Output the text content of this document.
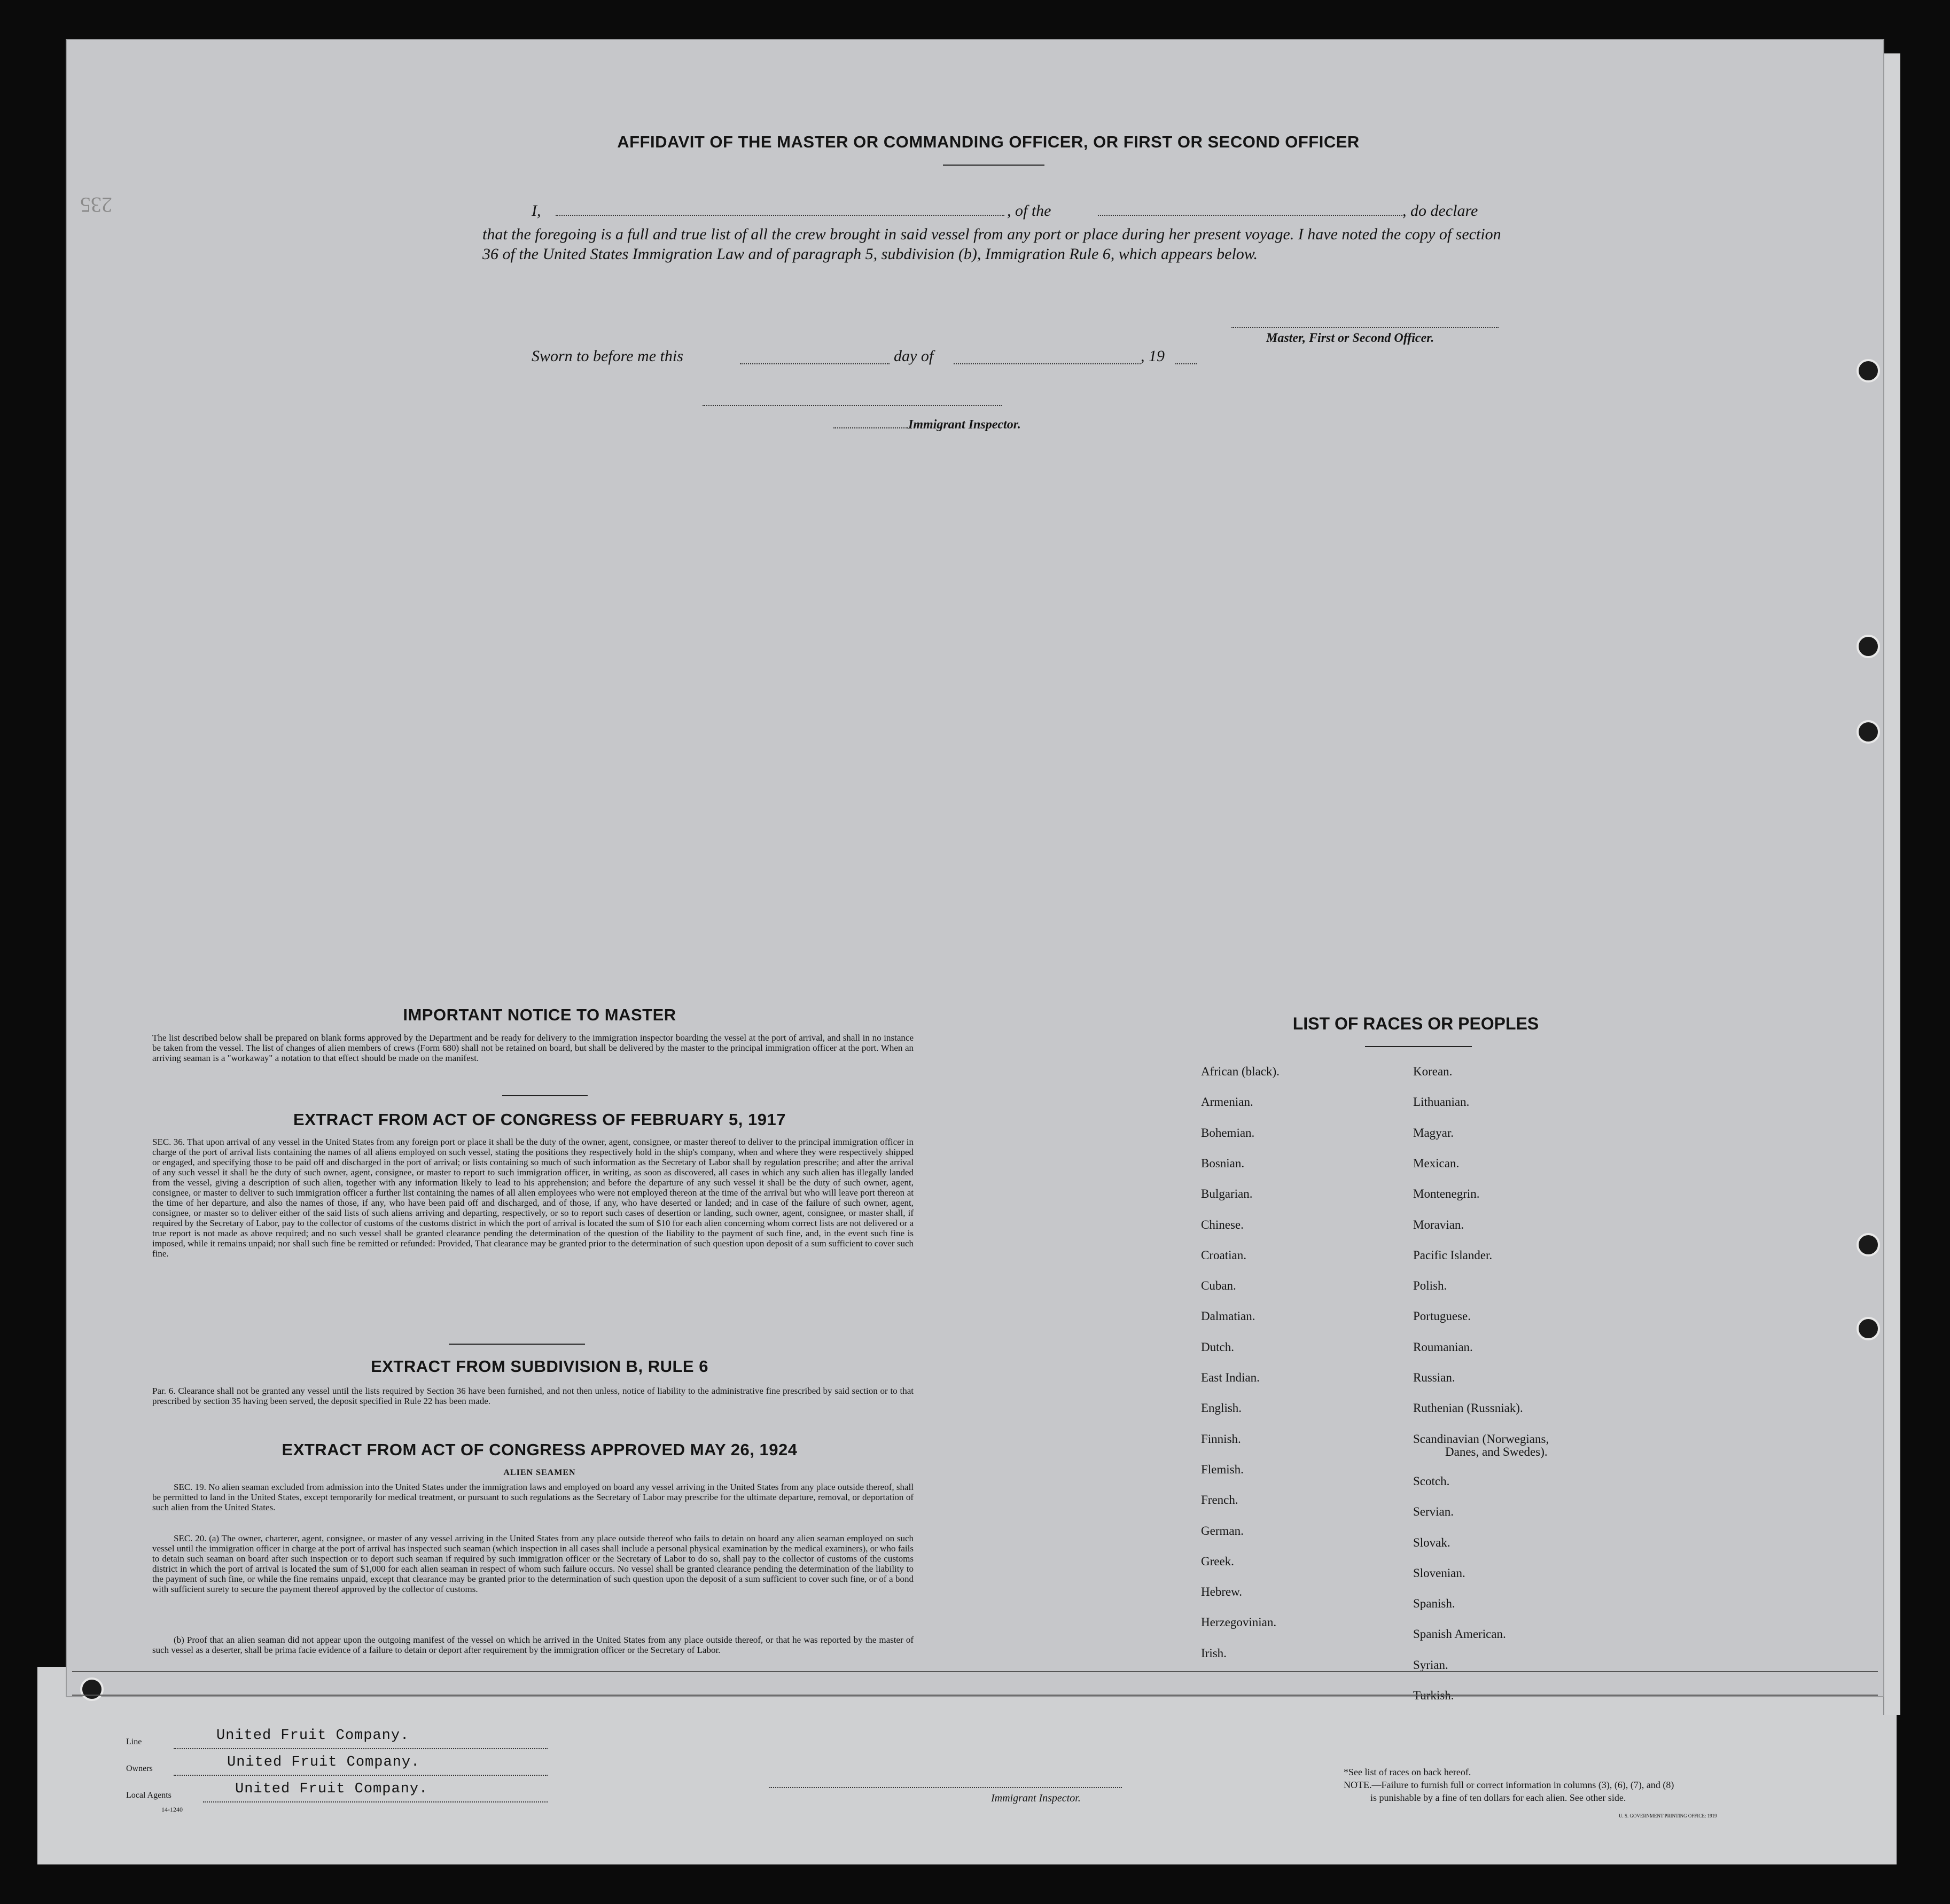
235
AFFIDAVIT OF THE MASTER OR COMMANDING OFFICER, OR FIRST OR SECOND OFFICER
I,	, of the	, do declare
that the foregoing is a full and true list of all the crew brought in said vessel from any port or place during her present voyage. I have noted the copy of section 36 of the United States Immigration Law and of paragraph 5, subdivision (b), Immigration Rule 6, which appears below.
Master, First or Second Officer.
Sworn to before me this	day of	, 19
Immigrant Inspector.
IMPORTANT NOTICE TO MASTER
The list described below shall be prepared on blank forms approved by the Department and be ready for delivery to the immigration inspector boarding the vessel at the port of arrival, and shall in no instance be taken from the vessel. The list of changes of alien members of crews (Form 680) shall not be retained on board, but shall be delivered by the master to the principal immigration officer at the port. When an arriving seaman is a "workaway" a notation to that effect should be made on the manifest.
EXTRACT FROM ACT OF CONGRESS OF FEBRUARY 5, 1917
SEC. 36. That upon arrival of any vessel in the United States from any foreign port or place it shall be the duty of the owner, agent, consignee, or master thereof to deliver to the principal immigration officer in charge of the port of arrival lists containing the names of all aliens employed on such vessel, stating the positions they respectively hold in the ship's company, when and where they were respectively shipped or engaged, and specifying those to be paid off and discharged in the port of arrival; or lists containing so much of such information as the Secretary of Labor shall by regulation prescribe; and after the arrival of any such vessel it shall be the duty of such owner, agent, consignee, or master to report to such immigration officer, in writing, as soon as discovered, all cases in which any such alien has illegally landed from the vessel, giving a description of such alien, together with any information likely to lead to his apprehension; and before the departure of any such vessel it shall be the duty of such owner, agent, consignee, or master to deliver to such immigration officer a further list containing the names of all alien employees who were not employed thereon at the time of the arrival but who will leave port thereon at the time of her departure, and also the names of those, if any, who have been paid off and discharged, and of those, if any, who have deserted or landed; and in case of the failure of such owner, agent, consignee, or master so to deliver either of the said lists of such aliens arriving and departing, respectively, or so to report such cases of desertion or landing, such owner, agent, consignee, or master shall, if required by the Secretary of Labor, pay to the collector of customs of the customs district in which the port of arrival is located the sum of $10 for each alien concerning whom correct lists are not delivered or a true report is not made as above required; and no such vessel shall be granted clearance pending the determination of the question of the liability to the payment of such fine, and, in the event such fine is imposed, while it remains unpaid; nor shall such fine be remitted or refunded: Provided, That clearance may be granted prior to the determination of such question upon deposit of a sum sufficient to cover such fine.
EXTRACT FROM SUBDIVISION B, RULE 6
Par. 6. Clearance shall not be granted any vessel until the lists required by Section 36 have been furnished, and not then unless, notice of liability to the administrative fine prescribed by said section or to that prescribed by section 35 having been served, the deposit specified in Rule 22 has been made.
EXTRACT FROM ACT OF CONGRESS APPROVED MAY 26, 1924
ALIEN SEAMEN
SEC. 19. No alien seaman excluded from admission into the United States under the immigration laws and employed on board any vessel arriving in the United States from any place outside thereof, shall be permitted to land in the United States, except temporarily for medical treatment, or pursuant to such regulations as the Secretary of Labor may prescribe for the ultimate departure, removal, or deportation of such alien from the United States.
SEC. 20. (a) The owner, charterer, agent, consignee, or master of any vessel arriving in the United States from any place outside thereof who fails to detain on board any alien seaman employed on such vessel until the immigration officer in charge at the port of arrival has inspected such seaman (which inspection in all cases shall include a personal physical examination by the medical examiners), or who fails to detain such seaman on board after such inspection or to deport such seaman if required by such immigration officer or the Secretary of Labor to do so, shall pay to the collector of customs of the customs district in which the port of arrival is located the sum of $1,000 for each alien seaman in respect of whom such failure occurs. No vessel shall be granted clearance pending the determination of the liability to the payment of such fine, or while the fine remains unpaid, except that clearance may be granted prior to the determination of such question upon the deposit of a sum sufficient to cover such fine, or of a bond with sufficient surety to secure the payment thereof approved by the collector of customs.
(b) Proof that an alien seaman did not appear upon the outgoing manifest of the vessel on which he arrived in the United States from any place outside thereof, or that he was reported by the master of such vessel as a deserter, shall be prima facie evidence of a failure to detain or deport after requirement by the immigration officer or the Secretary of Labor.
LIST OF RACES OR PEOPLES
African (black).
Armenian.
Bohemian.
Bosnian.
Bulgarian.
Chinese.
Croatian.
Cuban.
Dalmatian.
Dutch.
East Indian.
English.
Finnish.
Flemish.
French.
German.
Greek.
Hebrew.
Herzegovinian.
Irish.
Korean.
Lithuanian.
Magyar.
Mexican.
Montenegrin.
Moravian.
Pacific Islander.
Polish.
Portuguese.
Roumanian.
Russian.
Ruthenian (Russniak).
Scandinavian (Norwegians,
Scotch.
Servian.
Slovak.
Slovenian.
Spanish.
Spanish American.
Syrian.
Turkish.
Danes, and Swedes).
Line	United Fruit Company.
Owners	United Fruit Company.
Local Agents	United Fruit Company.
14-1240
Immigrant Inspector.
*See list of races on back hereof.
NOTE.—Failure to furnish full or correct information in columns (3), (6), (7), and (8)
is punishable by a fine of ten dollars for each alien. See other side.
U. S. GOVERNMENT PRINTING OFFICE: 1919
